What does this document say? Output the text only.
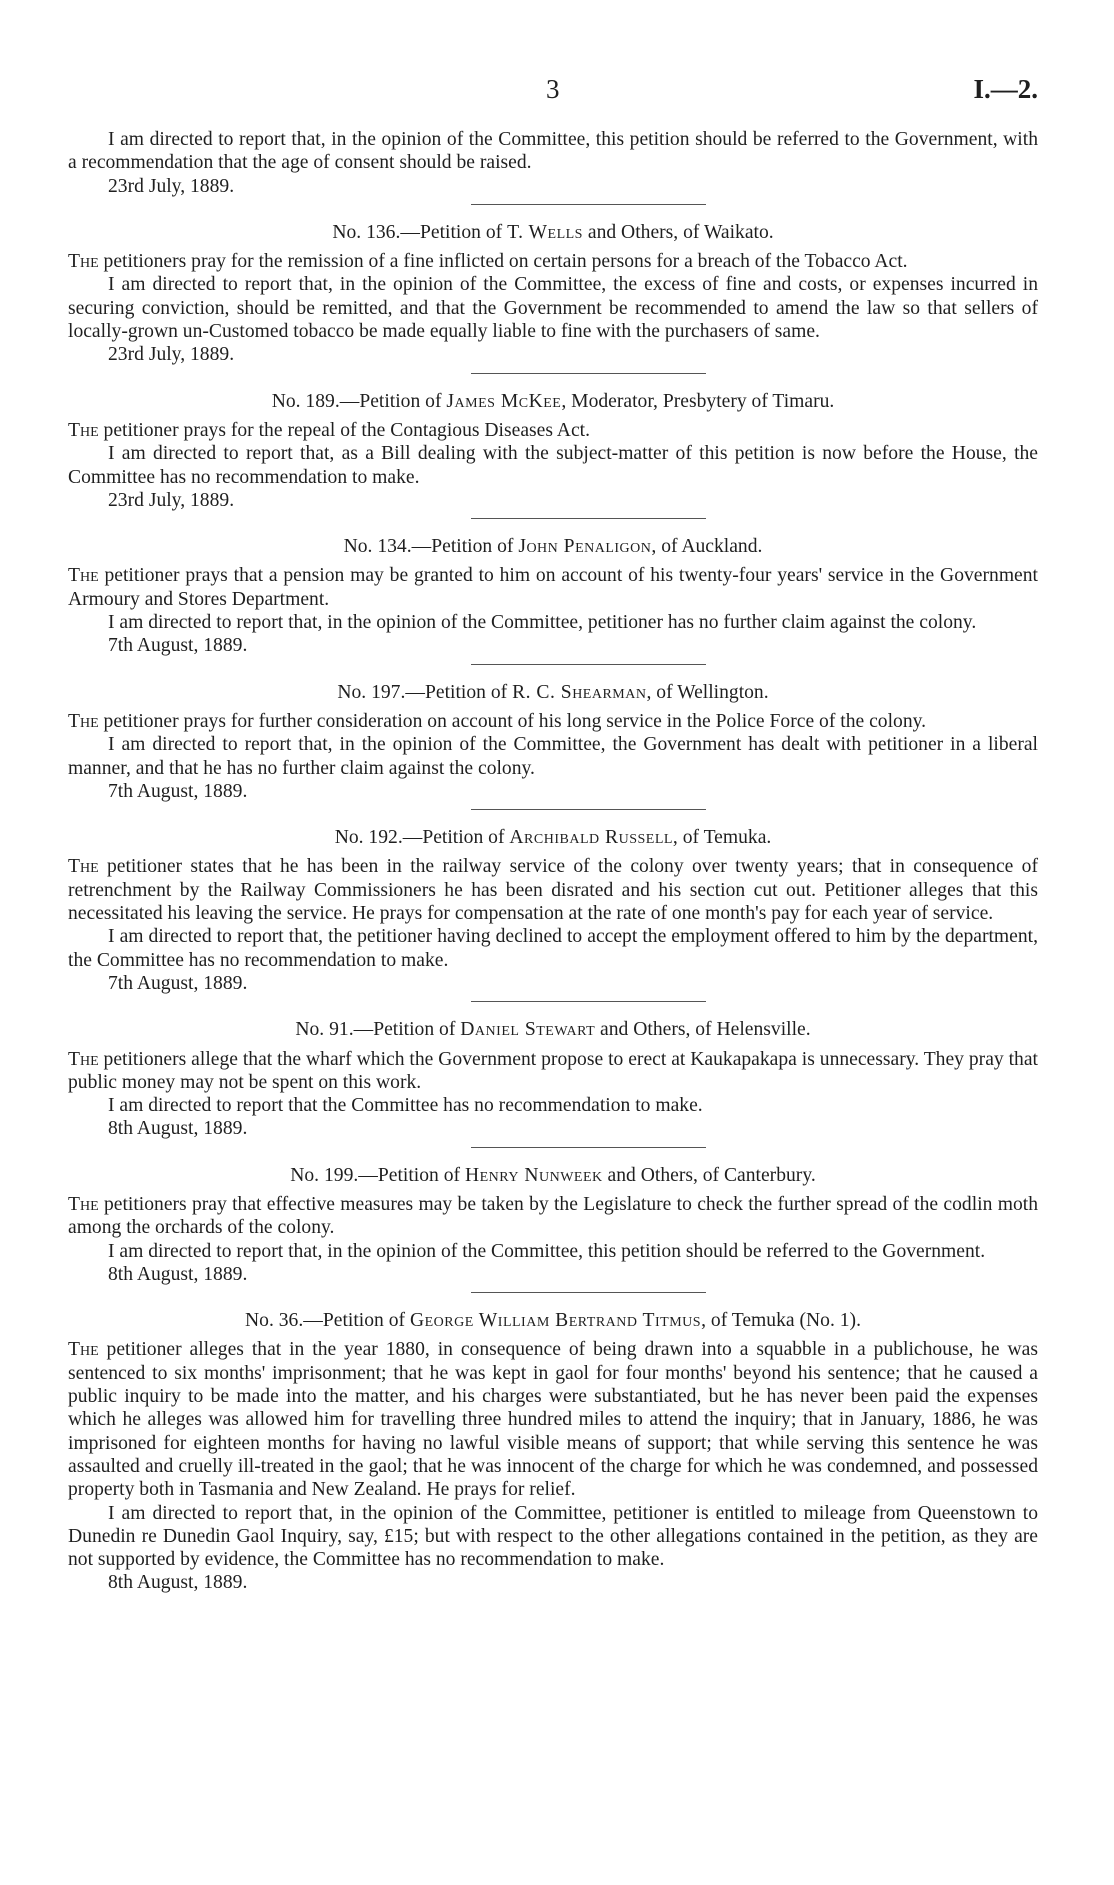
3	I.—2.

I am directed to report that, in the opinion of the Committee, this petition should be referred to the Government, with a recommendation that the age of consent should be raised.

23rd July, 1889.

No. 136.—Petition of T. Wells and Others, of Waikato.

The petitioners pray for the remission of a fine inflicted on certain persons for a breach of the Tobacco Act.

I am directed to report that, in the opinion of the Committee, the excess of fine and costs, or expenses incurred in securing conviction, should be remitted, and that the Government be recommended to amend the law so that sellers of locally-grown un-Customed tobacco be made equally liable to fine with the purchasers of same.

23rd July, 1889.

No. 189.—Petition of James McKee, Moderator, Presbytery of Timaru.

The petitioner prays for the repeal of the Contagious Diseases Act.

I am directed to report that, as a Bill dealing with the subject-matter of this petition is now before the House, the Committee has no recommendation to make.

23rd July, 1889.

No. 134.—Petition of John Penaligon, of Auckland.

The petitioner prays that a pension may be granted to him on account of his twenty-four years' service in the Government Armoury and Stores Department.

I am directed to report that, in the opinion of the Committee, petitioner has no further claim against the colony.

7th August, 1889.

No. 197.—Petition of R. C. Shearman, of Wellington.

The petitioner prays for further consideration on account of his long service in the Police Force of the colony.

I am directed to report that, in the opinion of the Committee, the Government has dealt with petitioner in a liberal manner, and that he has no further claim against the colony.

7th August, 1889.

No. 192.—Petition of Archibald Russell, of Temuka.

The petitioner states that he has been in the railway service of the colony over twenty years; that in consequence of retrenchment by the Railway Commissioners he has been disrated and his section cut out. Petitioner alleges that this necessitated his leaving the service. He prays for compensation at the rate of one month's pay for each year of service.

I am directed to report that, the petitioner having declined to accept the employment offered to him by the department, the Committee has no recommendation to make.

7th August, 1889.

No. 91.—Petition of Daniel Stewart and Others, of Helensville.

The petitioners allege that the wharf which the Government propose to erect at Kaukapakapa is unnecessary. They pray that public money may not be spent on this work.

I am directed to report that the Committee has no recommendation to make.

8th August, 1889.

No. 199.—Petition of Henry Nunweek and Others, of Canterbury.

The petitioners pray that effective measures may be taken by the Legislature to check the further spread of the codlin moth among the orchards of the colony.

I am directed to report that, in the opinion of the Committee, this petition should be referred to the Government.

8th August, 1889.

No. 36.—Petition of George William Bertrand Titmus, of Temuka (No. 1).

The petitioner alleges that in the year 1880, in consequence of being drawn into a squabble in a publichouse, he was sentenced to six months' imprisonment; that he was kept in gaol for four months' beyond his sentence; that he caused a public inquiry to be made into the matter, and his charges were substantiated, but he has never been paid the expenses which he alleges was allowed him for travelling three hundred miles to attend the inquiry; that in January, 1886, he was imprisoned for eighteen months for having no lawful visible means of support; that while serving this sentence he was assaulted and cruelly ill-treated in the gaol; that he was innocent of the charge for which he was condemned, and possessed property both in Tasmania and New Zealand. He prays for relief.

I am directed to report that, in the opinion of the Committee, petitioner is entitled to mileage from Queenstown to Dunedin re Dunedin Gaol Inquiry, say, £15; but with respect to the other allegations contained in the petition, as they are not supported by evidence, the Committee has no recommendation to make.

8th August, 1889.
